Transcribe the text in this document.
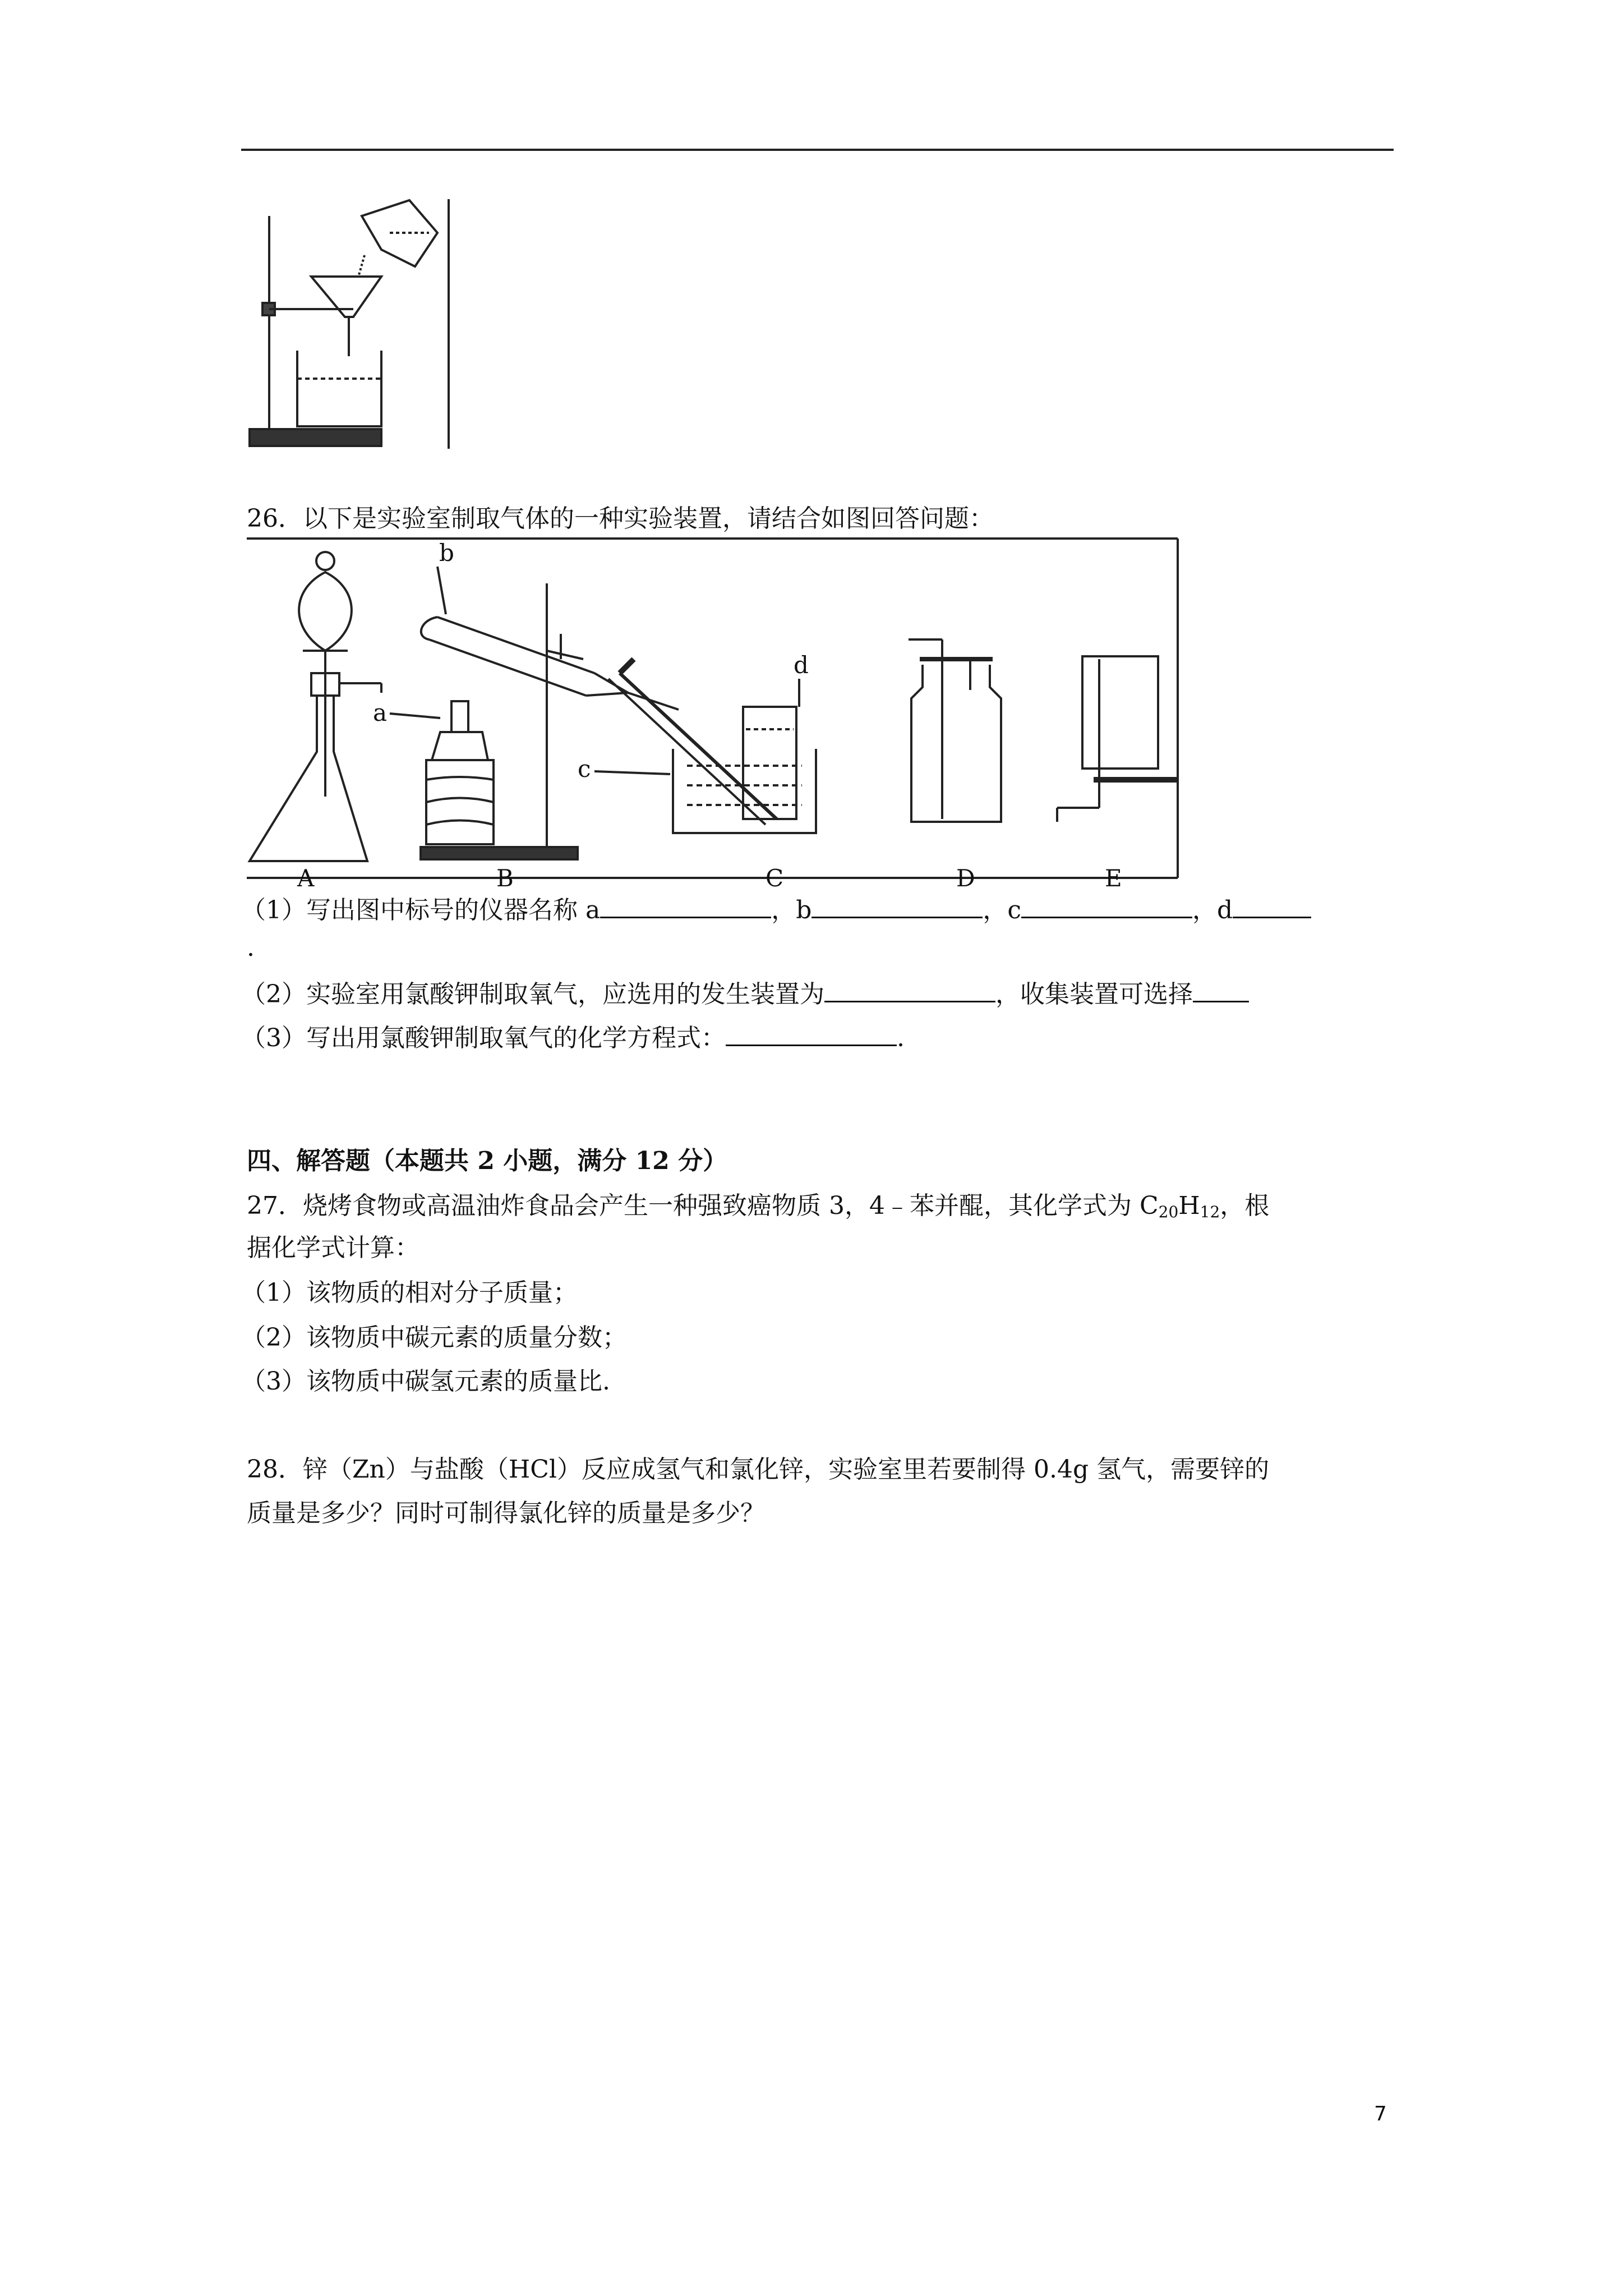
26．以下是实验室制取气体的一种实验装置，请结合如图回答问题：
a
b
c
d
A	B	C	D	E
（1）写出图中标号的仪器名称 a	，b	，c	，d
.
（2）实验室用氯酸钾制取氧气，应选用的发生装置为	，收集装置可选择
（3）写出用氯酸钾制取氧气的化学方程式：	.
四、解答题（本题共 2 小题，满分 12 分）
27．烧烤食物或高温油炸食品会产生一种强致癌物质 3，4﹣苯并醌，其化学式为 $C_{20}H_{12}$，根
据化学式计算：
（1）该物质的相对分子质量；
（2）该物质中碳元素的质量分数；
（3）该物质中碳氢元素的质量比.
28．锌（Zn）与盐酸（HCl）反应成氢气和氯化锌，实验室里若要制得 0.4g 氢气，需要锌的
质量是多少？同时可制得氯化锌的质量是多少？
7
